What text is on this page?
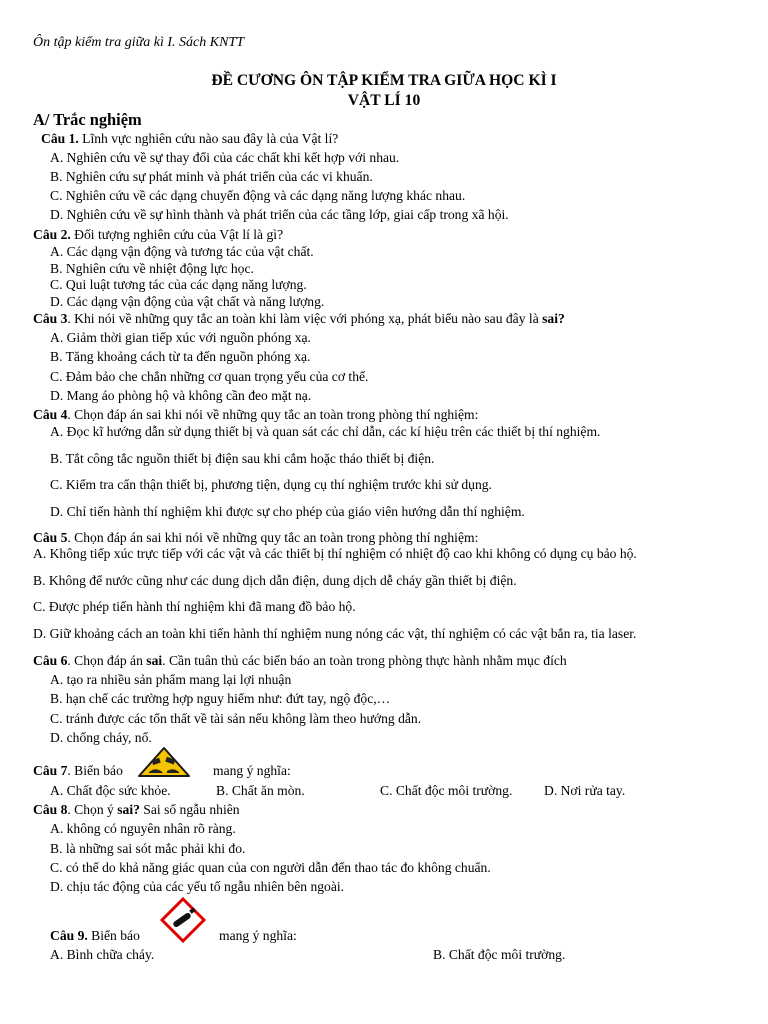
Ôn tập kiểm tra giữa kì I. Sách KNTT
ĐỀ CƯƠNG ÔN TẬP KIỂM TRA GIỮA HỌC KÌ I
VẬT LÍ 10
A/ Trắc nghiệm
Câu 1. Lĩnh vực nghiên cứu nào sau đây là của Vật lí?
A. Nghiên cứu về sự thay đổi của các chất khi kết hợp với nhau.
B. Nghiên cứu sự phát minh và phát triển của các vi khuẩn.
C. Nghiên cứu về các dạng chuyển động và các dạng năng lượng khác nhau.
D. Nghiên cứu về sự hình thành và phát triển của các tầng lớp, giai cấp trong xã hội.
Câu 2. Đối tượng nghiên cứu của Vật lí là gì?
A. Các dạng vận động và tương tác của vật chất.
B. Nghiên cứu về nhiệt động lực học.
C. Qui luật tương tác của các dạng năng lượng.
D. Các dạng vận động của vật chất và năng lượng.
Câu 3. Khi nói về những quy tắc an toàn khi làm việc với phóng xạ, phát biểu nào sau đây là sai?
A. Giảm thời gian tiếp xúc với nguồn phóng xạ.
B. Tăng khoảng cách từ ta đến nguồn phóng xạ.
C. Đảm bảo che chắn những cơ quan trọng yếu của cơ thể.
D. Mang áo phòng hộ và không cần đeo mặt nạ.
Câu 4. Chọn đáp án sai khi nói về những quy tắc an toàn trong phòng thí nghiệm:
A. Đọc kĩ hướng dẫn sử dụng thiết bị và quan sát các chỉ dẫn, các kí hiệu trên các thiết bị thí nghiệm.
B. Tắt công tắc nguồn thiết bị điện sau khi cắm hoặc tháo thiết bị điện.
C. Kiểm tra cẩn thận thiết bị, phương tiện, dụng cụ thí nghiệm trước khi sử dụng.
D. Chỉ tiến hành thí nghiệm khi được sự cho phép của giáo viên hướng dẫn thí nghiệm.
Câu 5. Chọn đáp án sai khi nói về những quy tắc an toàn trong phòng thí nghiệm:
A. Không tiếp xúc trực tiếp với các vật và các thiết bị thí nghiệm có nhiệt độ cao khi không có dụng cụ bảo hộ.
B. Không để nước cũng như các dung dịch dẫn điện, dung dịch dễ cháy gần thiết bị điện.
C. Được phép tiến hành thí nghiệm khi đã mang đồ bảo hộ.
D. Giữ khoảng cách an toàn khi tiến hành thí nghiệm nung nóng các vật, thí nghiệm có các vật bắn ra, tia laser.
Câu 6. Chọn đáp án sai. Cần tuân thủ các biển báo an toàn trong phòng thực hành nhằm mục đích
A. tạo ra nhiều sản phẩm mang lại lợi nhuận
B. hạn chế các trường hợp nguy hiểm như: đứt tay, ngộ độc,…
C. tránh được các tổn thất về tài sản nếu không làm theo hướng dẫn.
D. chống cháy, nổ.
Câu 7. Biển báo	mang ý nghĩa:
A. Chất độc sức khỏe.	B. Chất ăn mòn.	C. Chất độc môi trường. D. Nơi rửa tay.
Câu 8. Chọn ý sai? Sai số ngẫu nhiên
A. không có nguyên nhân rõ ràng.
B. là những sai sót mắc phải khi đo.
C. có thể do khả năng giác quan của con người dẫn đến thao tác đo không chuẩn.
D. chịu tác động của các yếu tố ngẫu nhiên bên ngoài.
Câu 9. Biển báo	mang ý nghĩa:
A. Bình chữa cháy.	B. Chất độc môi trường.
